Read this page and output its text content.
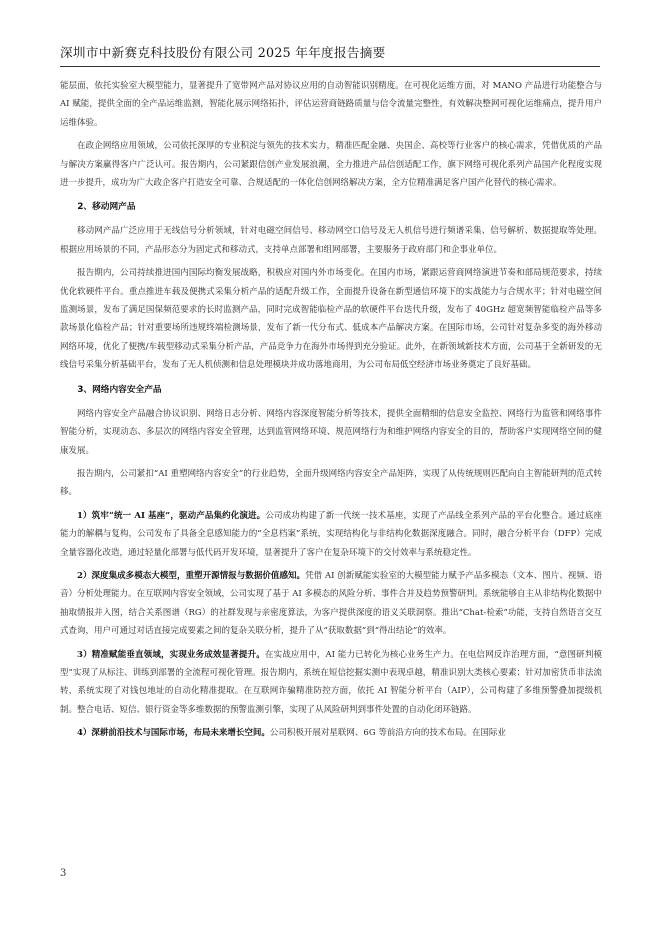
深圳市中新赛克科技股份有限公司 2025 年年度报告摘要

能层面，依托实验室大模型能力，显著提升了宽带网产品对协议应用的自动智能识别精度。在可视化运维方面，对 MANO 产品进行功能整合与 AI 赋能，提供全面的全产品运维监测，智能化展示网络拓扑，评估运营商链路质量与信令流量完整性，有效解决整网可视化运维痛点，提升用户运维体验。

在政企网络应用领域，公司依托深厚的专业积淀与领先的技术实力，精准匹配金融、央国企、高校等行业客户的核心需求，凭借优质的产品与解决方案赢得客户广泛认可。报告期内，公司紧跟信创产业发展浪潮，全力推进产品信创适配工作，旗下网络可视化系列产品国产化程度实现进一步提升，成功为广大政企客户打造安全可靠、合规适配的一体化信创网络解决方案，全方位精准满足客户国产化替代的核心需求。

2、移动网产品

移动网产品广泛应用于无线信号分析领域，针对电磁空间信号、移动网空口信号及无人机信号进行频谱采集、信号解析、数据提取等处理。根据应用场景的不同，产品形态分为固定式和移动式，支持单点部署和组网部署，主要服务于政府部门和企事业单位。

报告期内，公司持续推进国内国际均衡发展战略，积极应对国内外市场变化。在国内市场，紧跟运营商网络演进节奏和部局规范要求，持续优化软硬件平台。重点推进车载及便携式采集分析产品的适配升级工作，全面提升设备在新型通信环境下的实战能力与合规水平；针对电磁空间监测场景，发布了满足国保频范要求的长时监测产品，同时完成智能临检产品的软硬件平台迭代升级，发布了 40GHz 超宽频智能临检产品等多款场景化临检产品；针对重要场所违规终端检测场景，发布了新一代分布式、低成本产品解决方案。在国际市场，公司针对复杂多变的海外移动网络环境，优化了便携/车载型移动式采集分析产品，产品竞争力在海外市场得到充分验证。此外，在新领域新技术方面，公司基于全新研发的无线信号采集分析基础平台，发布了无人机侦测和信息处理模块并成功落地商用，为公司布局低空经济市场业务奠定了良好基础。

3、网络内容安全产品

网络内容安全产品融合协议识别、网络日志分析、网络内容深度智能分析等技术，提供全面精细的信息安全监控、网络行为监管和网络事件智能分析，实现动态、多层次的网络内容安全管理，达到监管网络环境、规范网络行为和维护网络内容安全的目的，帮助客户实现网络空间的健康发展。

报告期内，公司紧扣“AI 重塑网络内容安全”的行业趋势，全面升级网络内容安全产品矩阵，实现了从传统规则匹配向自主智能研判的范式转移。

1）筑牢“统一 AI 基座”，驱动产品集约化演进。公司成功构建了新一代统一技术基座，实现了产品线全系列产品的平台化整合。通过底座能力的解耦与复构，公司发布了具备全息感知能力的“全息档案”系统，实现结构化与非结构化数据深度融合。同时，融合分析平台（DFP）完成全量容器化改造，通过轻量化部署与低代码开发环境，显著提升了客户在复杂环境下的交付效率与系统稳定性。

2）深度集成多模态大模型，重塑开源情报与数据价值感知。凭借 AI 创新赋能实验室的大模型能力赋予产品多模态（文本、图片、视频、语音）分析处理能力。在互联网内容安全领域，公司实现了基于 AI 多模态的风险分析、事件合并及趋势预警研判。系统能够自主从非结构化数据中抽取情报并入图，结合关系图谱（RG）的社群发现与亲密度算法，为客户提供深度的语义关联洞察。推出“Chat-检索”功能，支持自然语言交互式查询，用户可通过对话直接完成要素之间的复杂关联分析，提升了从“获取数据”到“得出结论”的效率。

3）精准赋能垂直领域，实现业务成效显著提升。在实战应用中，AI 能力已转化为核心业务生产力。在电信网反诈治理方面，“意图研判模型”实现了从标注、训练到部署的全流程可视化管理。报告期内，系统在短信挖掘实测中表现卓越，精准识别大类核心要素；针对加密货币非法流转，系统实现了对钱包地址的自动化精准提取。在互联网诈骗精准防控方面，依托 AI 智能分析平台（AIP），公司构建了多维预警叠加提级机制。整合电话、短信、银行资金等多维数据的预警监测引擎，实现了从风险研判到事件处置的自动化闭环链路。

4）深耕前沿技术与国际市场，布局未来增长空间。公司积极开展对星联网、6G 等前沿方向的技术布局。在国际业

3
